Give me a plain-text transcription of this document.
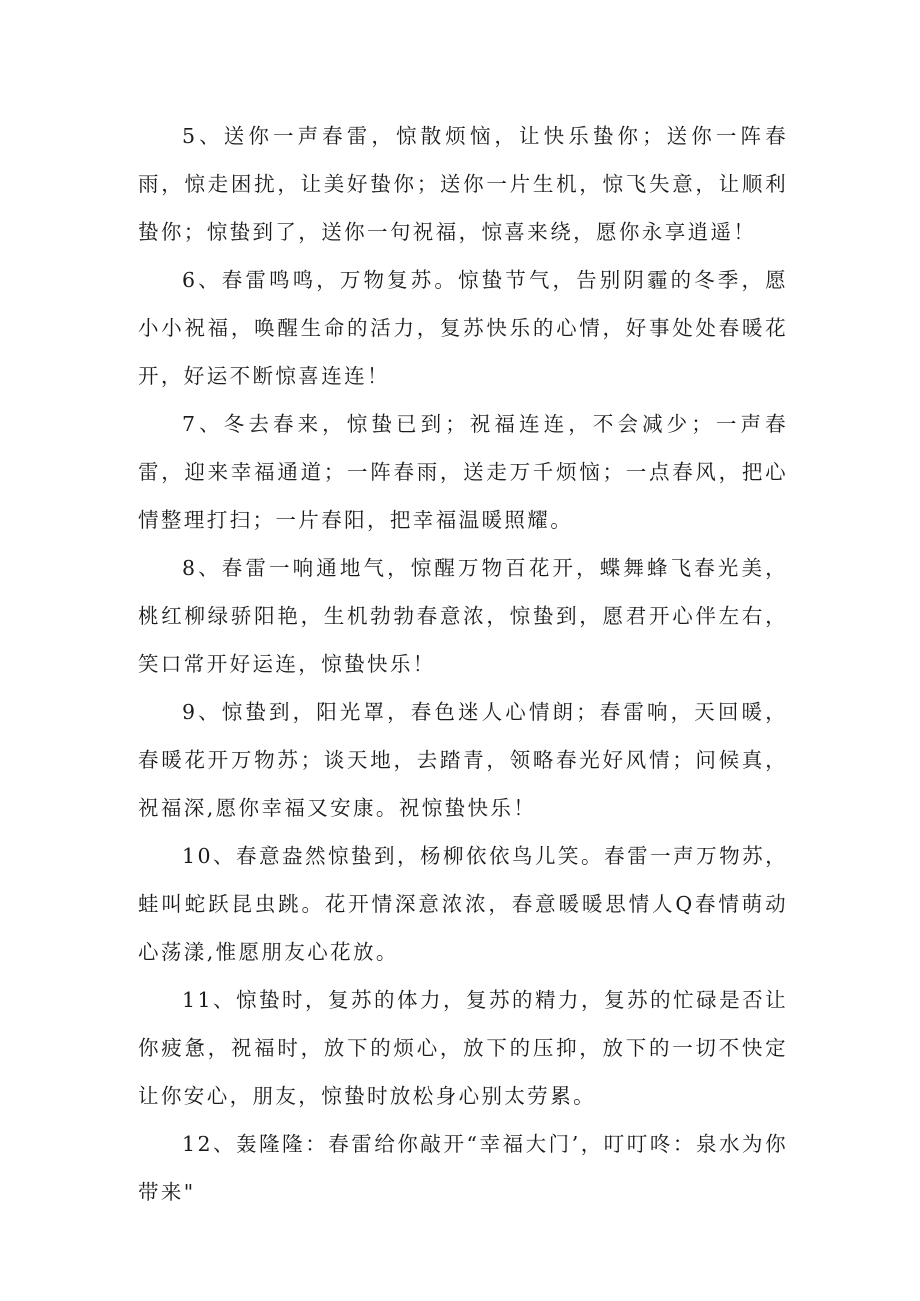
5、送你一声春雷，惊散烦恼，让快乐蛰你；送你一阵春雨，惊走困扰，让美好蛰你；送你一片生机，惊飞失意，让顺利蛰你；惊蛰到了，送你一句祝福，惊喜来绕，愿你永享逍遥！

6、春雷鸣鸣，万物复苏。惊蛰节气，告别阴霾的冬季，愿小小祝福，唤醒生命的活力，复苏快乐的心情，好事处处春暖花开，好运不断惊喜连连！

7、冬去春来，惊蛰已到；祝福连连，不会减少；一声春雷，迎来幸福通道；一阵春雨，送走万千烦恼；一点春风，把心情整理打扫；一片春阳，把幸福温暖照耀。

8、春雷一响通地气，惊醒万物百花开，蝶舞蜂飞春光美，桃红柳绿骄阳艳，生机勃勃春意浓，惊蛰到，愿君开心伴左右，笑口常开好运连，惊蛰快乐！

9、惊蛰到，阳光罩，春色迷人心情朗；春雷响，天回暖，春暖花开万物苏；谈天地，去踏青，领略春光好风情；问候真，祝福深,愿你幸福又安康。祝惊蛰快乐！

10、春意盎然惊蛰到，杨柳依依鸟儿笑。春雷一声万物苏，蛙叫蛇跃昆虫跳。花开情深意浓浓，春意暖暖思情人Q春情萌动心荡漾,惟愿朋友心花放。

11、惊蛰时，复苏的体力，复苏的精力，复苏的忙碌是否让你疲惫，祝福时，放下的烦心，放下的压抑，放下的一切不快定让你安心，朋友，惊蛰时放松身心别太劳累。

12、轰隆隆：春雷给你敲开“幸福大门’，叮叮咚：泉水为你带来"
